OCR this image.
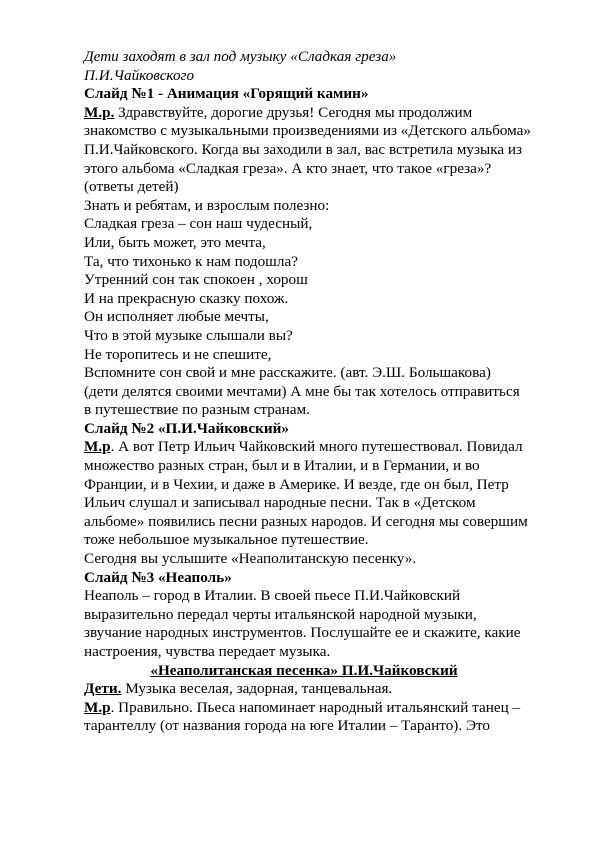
Дети заходят в зал под музыку «Сладкая греза»
П.И.Чайковского
Слайд №1 - Анимация «Горящий камин»
М.р. Здравствуйте, дорогие друзья! Сегодня мы продолжим
знакомство с музыкальными произведениями из «Детского альбома»
П.И.Чайковского. Когда вы заходили в зал, вас встретила музыка из
этого альбома «Сладкая греза». А кто знает, что такое «греза»?
(ответы детей)
Знать и ребятам, и взрослым полезно:
Сладкая греза – сон наш чудесный,
Или, быть может, это мечта,
Та, что тихонько к нам подошла?
Утренний сон так спокоен , хорош
И на прекрасную сказку похож.
Он исполняет любые мечты,
Что в этой музыке слышали вы?
Не торопитесь и не спешите,
Вспомните сон свой и мне расскажите. (авт. Э.Ш. Большакова)
(дети делятся своими мечтами) А мне бы так хотелось отправиться
в путешествие по разным странам.
Слайд №2 «П.И.Чайковский»
М.р. А вот Петр Ильич Чайковский много путешествовал. Повидал
множество разных стран, был и в Италии, и в Германии, и во
Франции, и в Чехии, и даже в Америке. И везде, где он был, Петр
Ильич слушал и записывал народные песни. Так в «Детском
альбоме» появились песни разных народов. И сегодня мы совершим
тоже небольшое музыкальное путешествие.
Сегодня вы услышите «Неаполитанскую песенку».
Слайд №3 «Неаполь»
Неаполь – город в Италии. В своей пьесе П.И.Чайковский
выразительно передал черты итальянской народной музыки,
звучание народных инструментов. Послушайте ее и скажите, какие
настроения, чувства передает музыка.
«Неаполитанская песенка» П.И.Чайковский
Дети. Музыка веселая, задорная, танцевальная.
М.р. Правильно. Пьеса напоминает народный итальянский танец –
тарантеллу (от названия города на юге Италии – Таранто). Это
